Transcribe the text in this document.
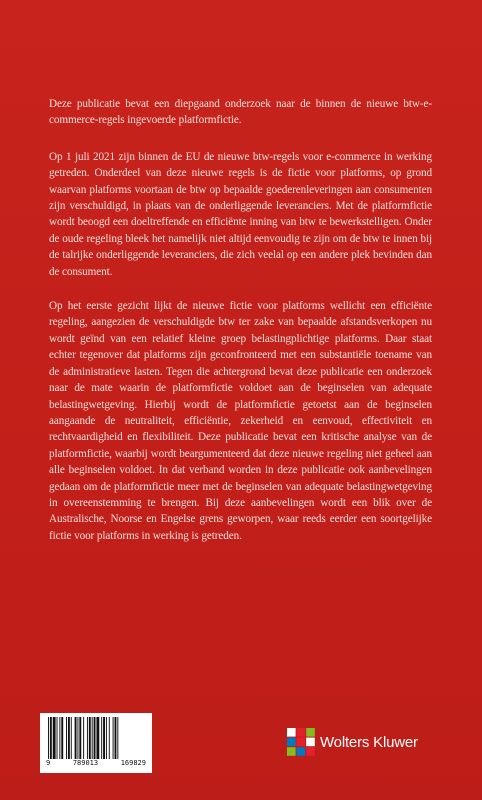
Deze publicatie bevat een diepgaand onderzoek naar de binnen de nieuwe btw-e-commerce-regels ingevoerde platformfictie.

Op 1 juli 2021 zijn binnen de EU de nieuwe btw-regels voor e-commerce in werking getreden. Onderdeel van deze nieuwe regels is de fictie voor platforms, op grond waarvan platforms voortaan de btw op bepaalde goederenleveringen aan consumenten zijn verschuldigd, in plaats van de onderliggende leveranciers. Met de platformfictie wordt beoogd een doeltreffende en efficiënte inning van btw te bewerkstelligen. Onder de oude regeling bleek het namelijk niet altijd eenvoudig te zijn om de btw te innen bij de talrijke onderliggende leveranciers, die zich veelal op een andere plek bevinden dan de consument.

Op het eerste gezicht lijkt de nieuwe fictie voor platforms wellicht een efficiënte regeling, aangezien de verschuldigde btw ter zake van bepaalde afstandsverkopen nu wordt geïnd van een relatief kleine groep belastingplichtige platforms. Daar staat echter tegenover dat platforms zijn geconfronteerd met een substantiële toename van de administratieve lasten. Tegen die achtergrond bevat deze publicatie een onderzoek naar de mate waarin de platformfictie voldoet aan de beginselen van adequate belastingwetgeving. Hierbij wordt de platformfictie getoetst aan de beginselen aangaande de neutraliteit, efficiëntie, zekerheid en eenvoud, effectiviteit en rechtvaardigheid en flexibiliteit. Deze publicatie bevat een kritische analyse van de platformfictie, waarbij wordt beargumenteerd dat deze nieuwe regeling niet geheel aan alle beginselen voldoet. In dat verband worden in deze publicatie ook aanbevelingen gedaan om de platformfictie meer met de beginselen van adequate belastingwetgeving in overeenstemming te brengen. Bij deze aanbevelingen wordt een blik over de Australische, Noorse en Engelse grens geworpen, waar reeds eerder een soortgelijke fictie voor platforms in werking is getreden.

9	789013	169829
Wolters Kluwer
